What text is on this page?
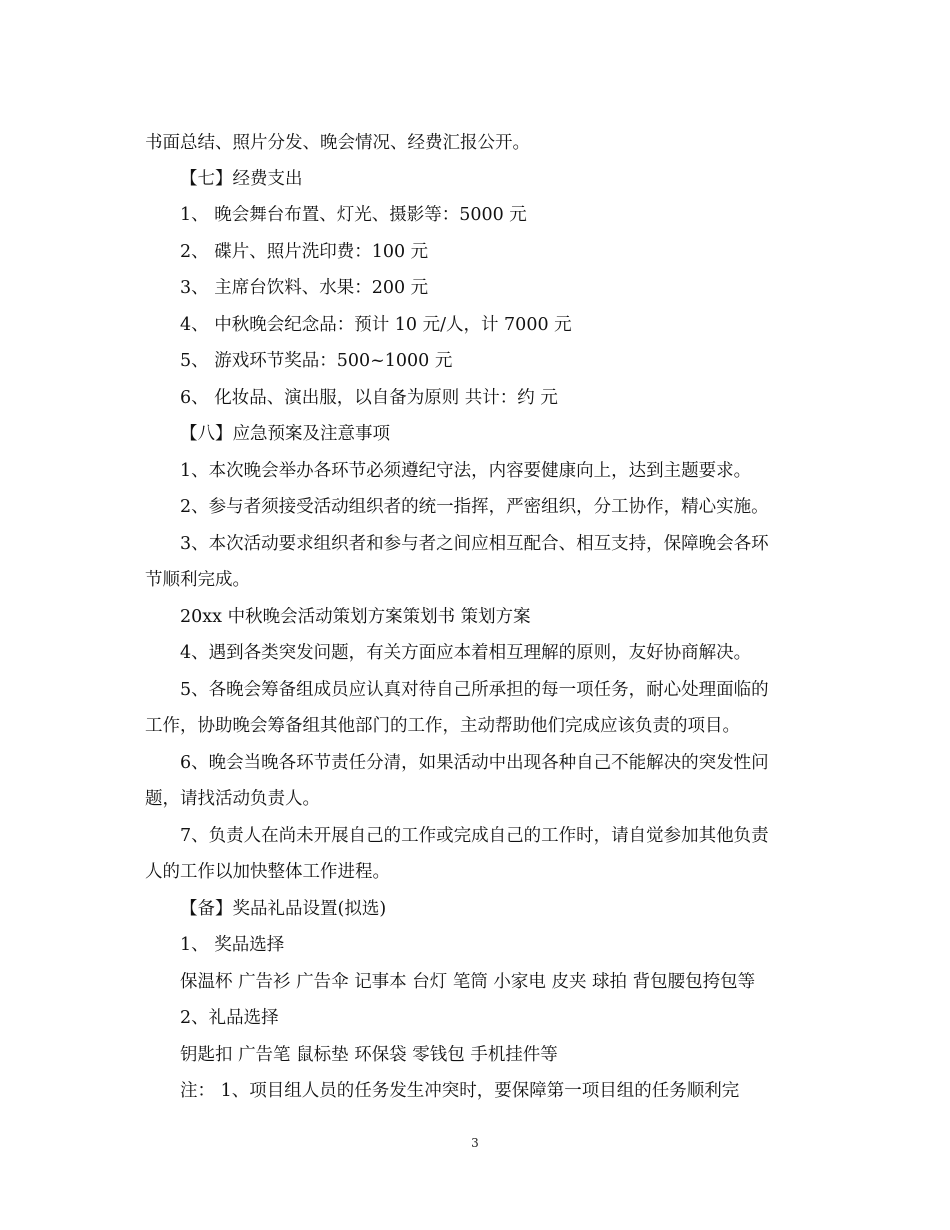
书面总结、照片分发、晚会情况、经费汇报公开。
【七】经费支出
1、 晚会舞台布置、灯光、摄影等：5000 元
2、 碟片、照片洗印费：100 元
3、 主席台饮料、水果：200 元
4、 中秋晚会纪念品：预计 10 元/人，计 7000 元
5、 游戏环节奖品：500~1000 元
6、 化妆品、演出服，以自备为原则 共计：约 元
【八】应急预案及注意事项
1、本次晚会举办各环节必须遵纪守法，内容要健康向上，达到主题要求。
2、参与者须接受活动组织者的统一指挥，严密组织，分工协作，精心实施。
3、本次活动要求组织者和参与者之间应相互配合、相互支持，保障晚会各环
节顺利完成。
20xx 中秋晚会活动策划方案策划书 策划方案
4、遇到各类突发问题，有关方面应本着相互理解的原则，友好协商解决。
5、各晚会筹备组成员应认真对待自己所承担的每一项任务，耐心处理面临的
工作，协助晚会筹备组其他部门的工作，主动帮助他们完成应该负责的项目。
6、晚会当晚各环节责任分清，如果活动中出现各种自己不能解决的突发性问
题，请找活动负责人。
7、负责人在尚未开展自己的工作或完成自己的工作时，请自觉参加其他负责
人的工作以加快整体工作进程。
【备】奖品礼品设置(拟选)
1、 奖品选择
保温杯 广告衫 广告伞 记事本 台灯 笔筒 小家电 皮夹 球拍 背包腰包挎包等
2、礼品选择
钥匙扣 广告笔 鼠标垫 环保袋 零钱包 手机挂件等
注： 1、项目组人员的任务发生冲突时，要保障第一项目组的任务顺利完
3
